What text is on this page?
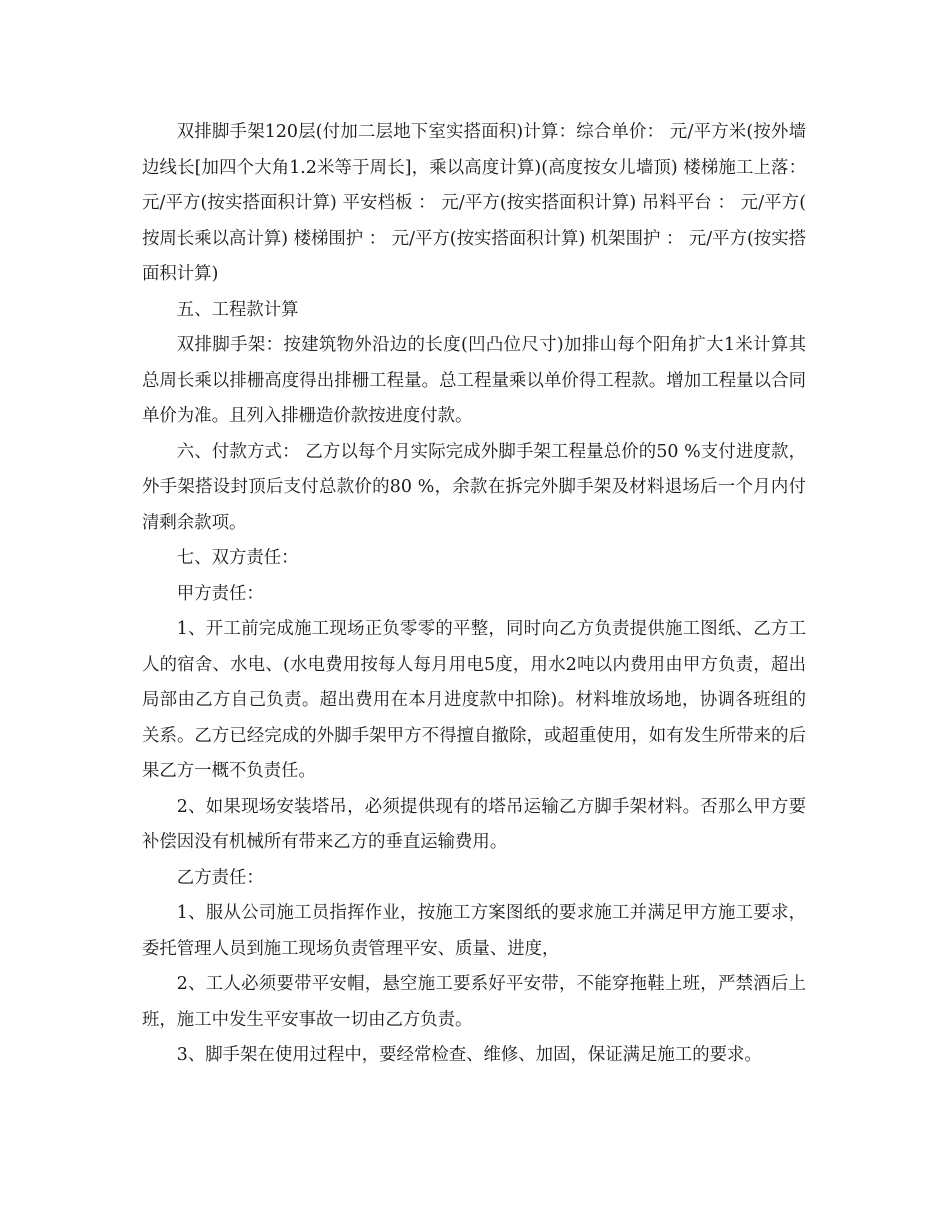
双排脚手架120层(付加二层地下室实搭面积)计算：综合单价： 元/平方米(按外墙边线长[加四个大角1.2米等于周长]，乘以高度计算)(高度按女儿墙顶) 楼梯施工上落： 元/平方(按实搭面积计算) 平安档板 ： 元/平方(按实搭面积计算) 吊料平台 ： 元/平方(按周长乘以高计算) 楼梯围护 ： 元/平方(按实搭面积计算) 机架围护 ： 元/平方(按实搭面积计算)

五、工程款计算

双排脚手架：按建筑物外沿边的长度(凹凸位尺寸)加排山每个阳角扩大1米计算其总周长乘以排栅高度得出排栅工程量。总工程量乘以单价得工程款。增加工程量以合同单价为准。且列入排栅造价款按进度付款。

六、付款方式： 乙方以每个月实际完成外脚手架工程量总价的50 %支付进度款，外手架搭设封顶后支付总款价的80 %，余款在拆完外脚手架及材料退场后一个月内付清剩余款项。

七、双方责任：

甲方责任：

1、开工前完成施工现场正负零零的平整，同时向乙方负责提供施工图纸、乙方工人的宿舍、水电、(水电费用按每人每月用电5度，用水2吨以内费用由甲方负责，超出局部由乙方自己负责。超出费用在本月进度款中扣除)。材料堆放场地，协调各班组的关系。乙方已经完成的外脚手架甲方不得擅自撤除，或超重使用，如有发生所带来的后果乙方一概不负责任。

2、如果现场安装塔吊，必须提供现有的塔吊运输乙方脚手架材料。否那么甲方要补偿因没有机械所有带来乙方的垂直运输费用。

乙方责任：

1、服从公司施工员指挥作业，按施工方案图纸的要求施工并满足甲方施工要求，委托管理人员到施工现场负责管理平安、质量、进度，

2、工人必须要带平安帽，悬空施工要系好平安带，不能穿拖鞋上班，严禁酒后上班，施工中发生平安事故一切由乙方负责。

3、脚手架在使用过程中，要经常检查、维修、加固，保证满足施工的要求。
